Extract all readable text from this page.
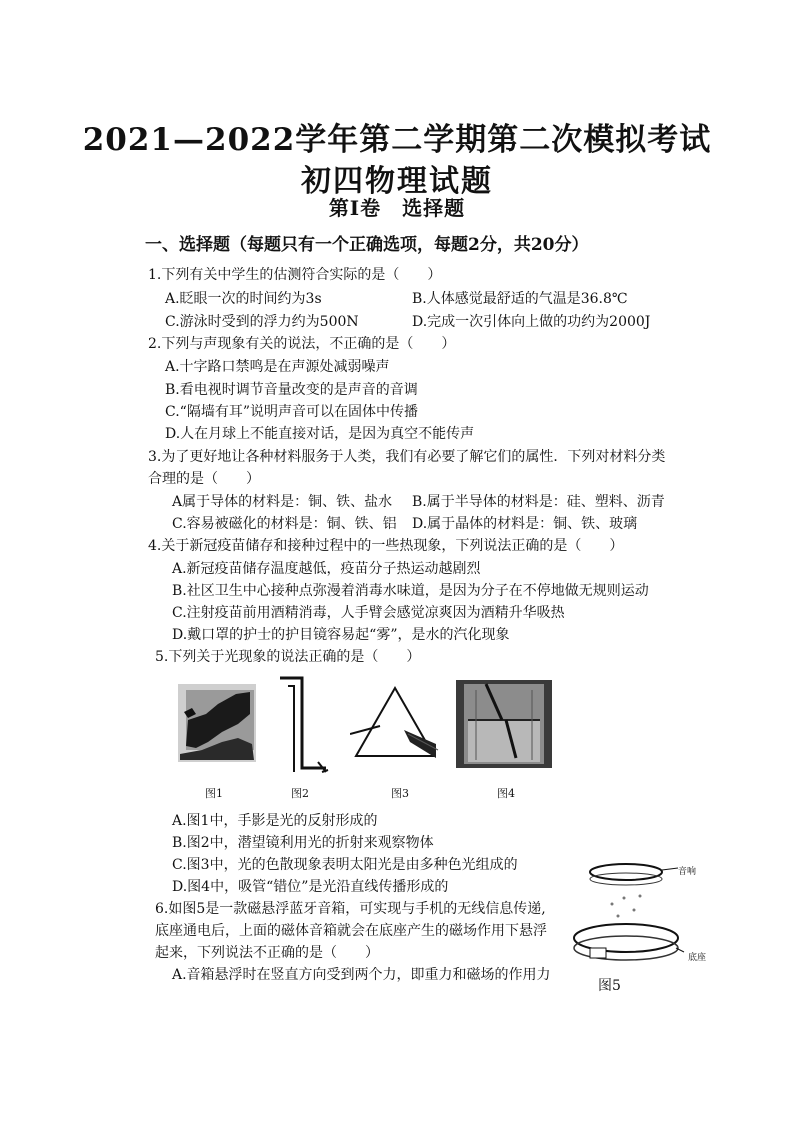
2021—2022学年第二学期第二次模拟考试
初四物理试题
第I卷　选择题
一、选择题（每题只有一个正确选项，每题2分，共20分）
1.下列有关中学生的估测符合实际的是（　　）
A.眨眼一次的时间约为3s	B.人体感觉最舒适的气温是36.8℃
C.游泳时受到的浮力约为500N	D.完成一次引体向上做的功约为2000J
2.下列与声现象有关的说法，不正确的是（　　）
A.十字路口禁鸣是在声源处减弱噪声
B.看电视时调节音量改变的是声音的音调
C.“隔墙有耳”说明声音可以在固体中传播
D.人在月球上不能直接对话，是因为真空不能传声
3.为了更好地让各种材料服务于人类，我们有必要了解它们的属性．下列对材料分类
合理的是（　　）
A属于导体的材料是：铜、铁、盐水 B.属于半导体的材料是：硅、塑料、沥青
C.容易被磁化的材料是：铜、铁、铝 D.属于晶体的材料是：铜、铁、玻璃
4.关于新冠疫苗储存和接种过程中的一些热现象，下列说法正确的是（　　）
A.新冠疫苗储存温度越低，疫苗分子热运动越剧烈
B.社区卫生中心接种点弥漫着消毒水味道，是因为分子在不停地做无规则运动
C.注射疫苗前用酒精消毒，人手臂会感觉凉爽因为酒精升华吸热
D.戴口罩的护士的护目镜容易起“雾”，是水的汽化现象
5.下列关于光现象的说法正确的是（　　）
图1	图2	图3	图4
A.图1中，手影是光的反射形成的
B.图2中，潜望镜利用光的折射来观察物体
C.图3中，光的色散现象表明太阳光是由多种色光组成的
D.图4中，吸管“错位”是光沿直线传播形成的
6.如图5是一款磁悬浮蓝牙音箱，可实现与手机的无线信息传递,
底座通电后，上面的磁体音箱就会在底座产生的磁场作用下悬浮
起来，下列说法不正确的是（　　）
A.音箱悬浮时在竖直方向受到两个力，即重力和磁场的作用力
音响
底座
图5
